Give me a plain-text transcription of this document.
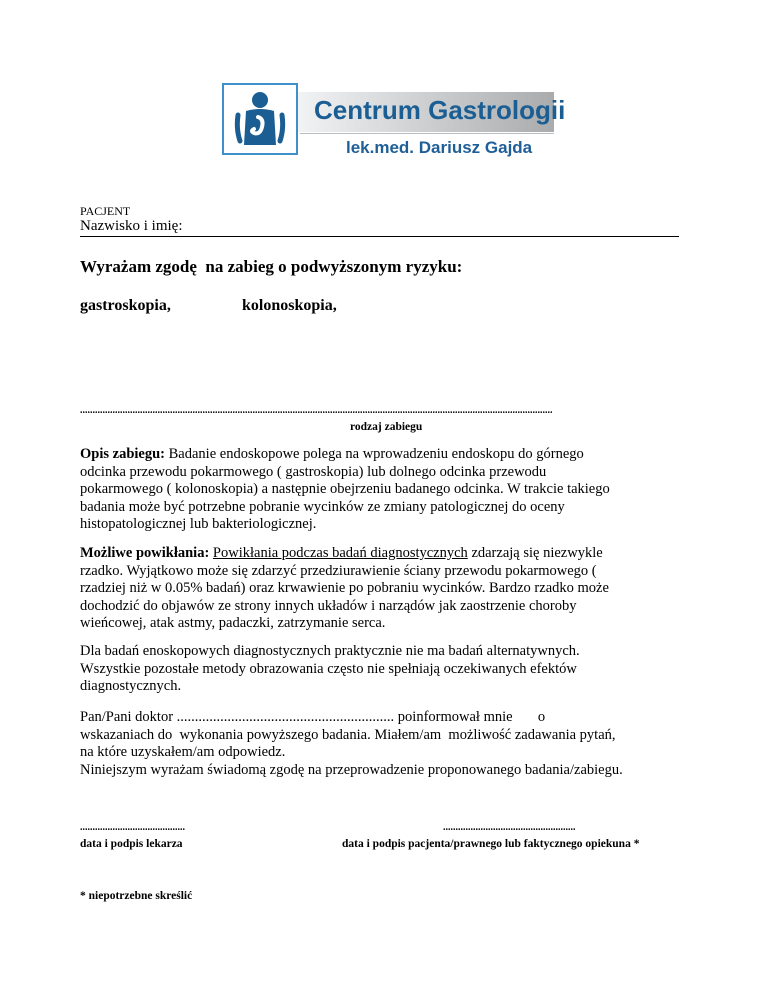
Centrum Gastrologii
lek.med. Dariusz Gajda
PACJENT
Nazwisko i imię:
Wyrażam zgodę  na zabieg o podwyższonym ryzyku:
gastroskopia,	kolonoskopia,
.............................................................................................................................................................................................
rodzaj zabiegu

Opis zabiegu: Badanie endoskopowe polega na wprowadzeniu endoskopu do górnego

odcinka przewodu pokarmowego ( gastroskopia) lub dolnego odcinka przewodu

pokarmowego ( kolonoskopia) a następnie obejrzeniu badanego odcinka. W trakcie takiego

badania może być potrzebne pobranie wycinków ze zmiany patologicznej do oceny

histopatologicznej lub bakteriologicznej.

Możliwe powikłania: Powikłania podczas badań diagnostycznych zdarzają się niezwykle

rzadko. Wyjątkowo może się zdarzyć przedziurawienie ściany przewodu pokarmowego (

rzadziej niż w 0.05% badań) oraz krwawienie po pobraniu wycinków. Bardzo rzadko może

dochodzić do objawów ze strony innych układów i narządów jak zaostrzenie choroby

wieńcowej, atak astmy, padaczki, zatrzymanie serca.

Dla badań enoskopowych diagnostycznych praktycznie nie ma badań alternatywnych.

Wszystkie pozostałe metody obrazowania często nie spełniają oczekiwanych efektów

diagnostycznych.

Pan/Pani doktor ............................................................ poinformował mnie       o

wskazaniach do  wykonania powyższego badania. Miałem/am  możliwość zadawania pytań,

na które uzyskałem/am odpowiedz.

Niniejszym wyrażam świadomą zgodę na przeprowadzenie proponowanego badania/zabiegu.

..........................................	.....................................................
data i podpis lekarza	data i podpis pacjenta/prawnego lub faktycznego opiekuna *
* niepotrzebne skreślić
